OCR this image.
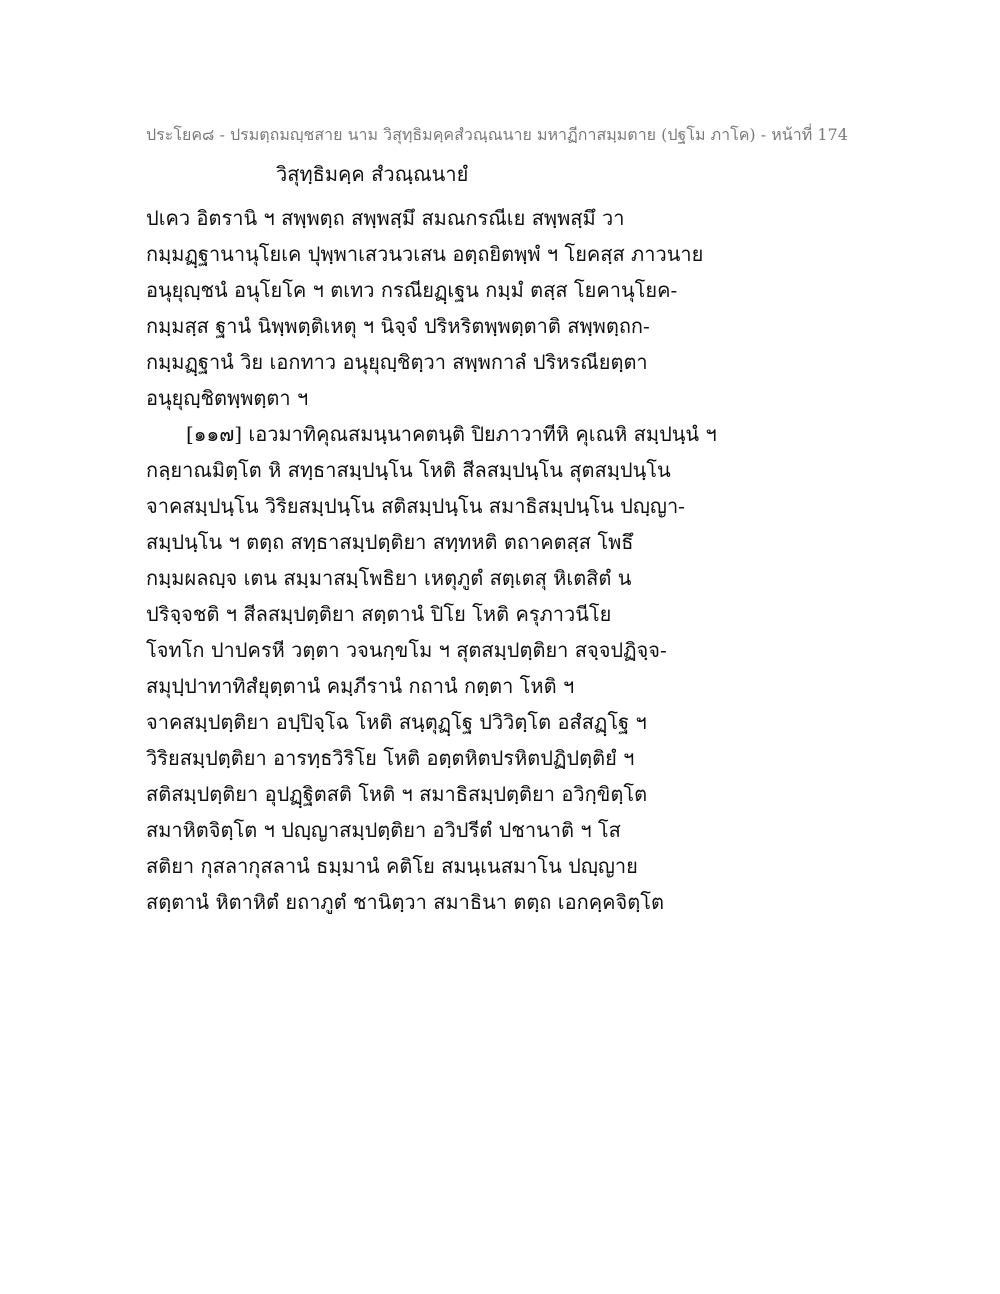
ประโยค๘ - ปรมตฺถมญฺชสาย นาม วิสุทฺธิมคฺคสํวณฺณนาย มหาฏีกาสมฺมตาย (ปฐโม ภาโค) - หน้าที่ 174
วิสุทฺธิมคฺค สํวณฺณนายํ
ปเคว อิตรานิ ฯ สพฺพตฺถ สพฺพสฺมึ สมณกรณีเย สพฺพสฺมึ วา
กมฺมฏฺฐานานุโยเค ปุพฺพาเสวนวเสน อตฺถยิตพฺพํ ฯ โยคสฺส ภาวนาย
อนุยุญฺชนํ อนุโยโค ฯ ตเทว กรณียฏฺเฐน กมฺมํ ตสฺส โยคานุโยค-
กมฺมสฺส ฐานํ นิพฺพตฺติเหตุ ฯ นิจฺจํ ปริหริตพฺพตฺตาติ สพฺพตฺถก-
กมฺมฏฺฐานํ วิย เอกทาว อนุยุญฺชิตฺวา สพฺพกาลํ ปริหรณียตฺตา
อนุยุญฺชิตพฺพตฺตา ฯ
[๑๑๗] เอวมาทิคุณสมนฺนาคตนฺติ ปิยภาวาทีหิ คุเณหิ สมฺปนฺนํ ฯ
กลฺยาณมิตฺโต หิ สทฺธาสมฺปนฺโน โหติ สีลสมฺปนฺโน สุตสมฺปนฺโน
จาคสมฺปนฺโน วิริยสมฺปนฺโน สติสมฺปนฺโน สมาธิสมฺปนฺโน ปญฺญา-
สมฺปนฺโน ฯ ตตฺถ สทฺธาสมฺปตฺติยา สทฺทหติ ตถาคตสฺส โพธึ
กมฺมผลญฺจ เตน สมฺมาสมฺโพธิยา เหตุภูตํ สตฺเตสุ หิเตสิตํ น
ปริจฺจชติ ฯ สีลสมฺปตฺติยา สตฺตานํ ปิโย โหติ ครุภาวนีโย
โจทโก ปาปครหี วตฺตา วจนกฺขโม ฯ สุตสมฺปตฺติยา สจฺจปฏิจฺจ-
สมุปฺปาทาทิสํยุตฺตานํ คมฺภีรานํ กถานํ กตฺตา โหติ ฯ
จาคสมฺปตฺติยา อปฺปิจฺโฉ โหติ สนฺตุฏฺโฐ ปวิวิตฺโต อสํสฏฺโฐ ฯ
วิริยสมฺปตฺติยา อารทฺธวิริโย โหติ อตฺตหิตปรหิตปฏิปตฺติยํ ฯ
สติสมฺปตฺติยา อุปฏฺฐิตสติ โหติ ฯ สมาธิสมฺปตฺติยา อวิกฺขิตฺโต
สมาหิตจิตฺโต ฯ ปญฺญาสมฺปตฺติยา อวิปรีตํ ปชานาติ ฯ โส
สติยา กุสลากุสลานํ ธมฺมานํ คติโย สมนฺเนสมาโน ปญฺญาย
สตฺตานํ หิตาหิตํ ยถาภูตํ ชานิตฺวา สมาธินา ตตฺถ เอกคฺคจิตฺโต
